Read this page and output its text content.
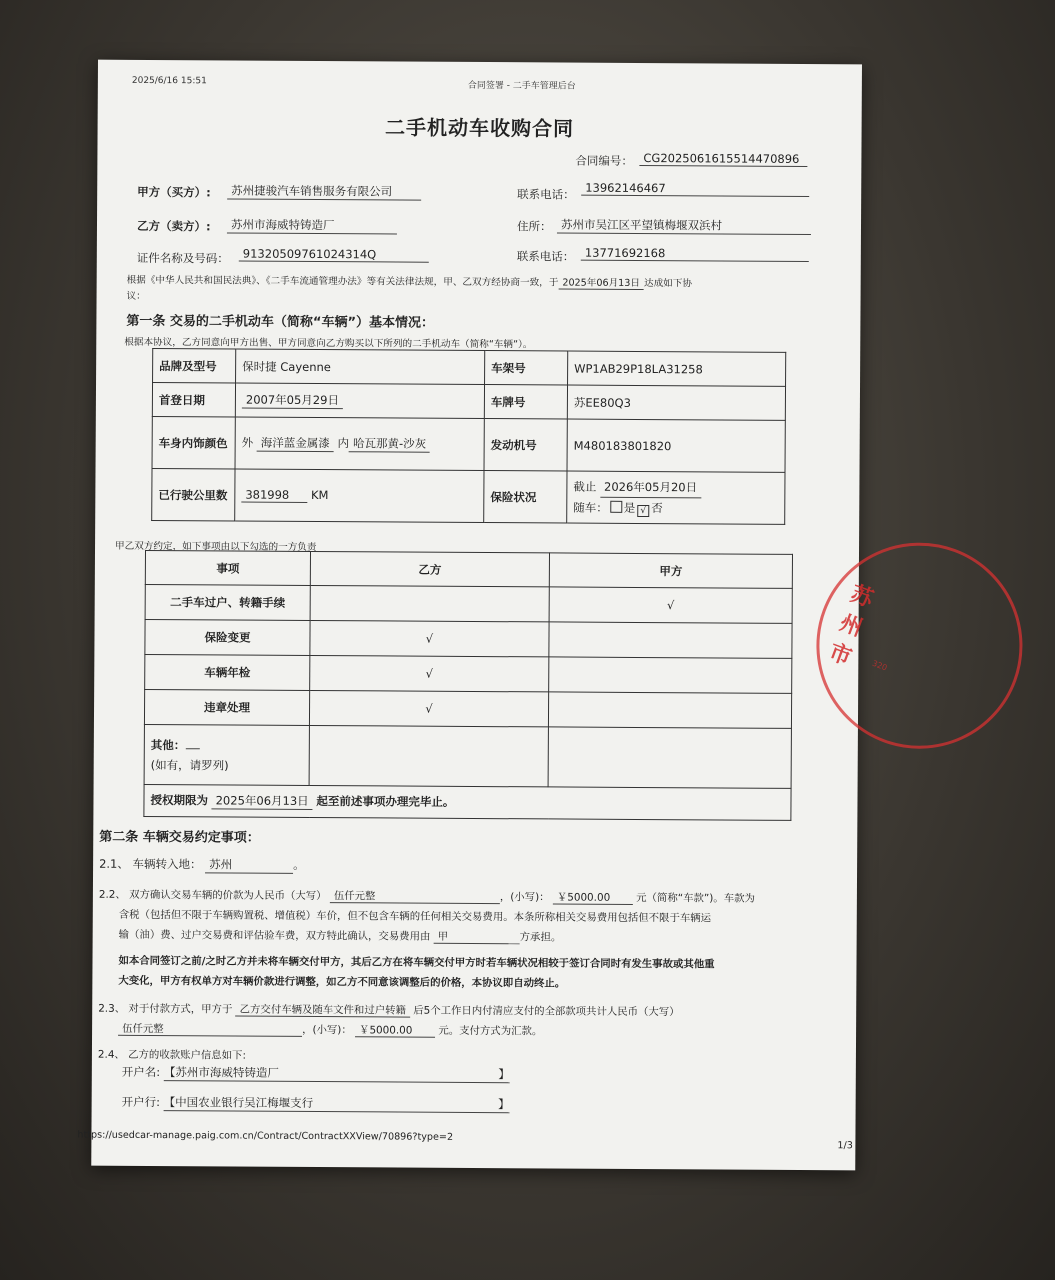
2025/6/16 15:51	合同签署 - 二手车管理后台
二手机动车收购合同
合同编号： CG2025061615514470896
甲方（买方）:	苏州捷骏汽车销售服务有限公司	联系电话： 13962146467
乙方（卖方）:	苏州市海威特铸造厂	住所： 苏州市吴江区平望镇梅堰双浜村
证件名称及号码：	91320509761024314Q	联系电话： 13771692168
根据《中华人民共和国民法典》、《二手车流通管理办法》等有关法律法规，甲、乙双方经协商一致，于 2025年06月13日 达成如下协
议：
第一条 交易的二手机动车（简称“车辆”）基本情况：
根据本协议，乙方同意向甲方出售、甲方同意向乙方购买以下所列的二手机动车（简称“车辆”）。
品牌及型号	保时捷 Cayenne	车架号	WP1AB29P18LA31258
首登日期	2007年05月29日	车牌号	苏EE80Q3
车身内饰颜色	外 海洋蓝金属漆 内 哈瓦那黄-沙灰	发动机号	M480183801820
已行驶公里数	381998 KM	保险状况	截止 2026年05月20日
随车： 是 √ 否
甲乙双方约定，如下事项由以下勾选的一方负责
事项	乙方	甲方
二手车过户、转籍手续		√
保险变更	√	
车辆年检	√	
违章处理	√	
其他：
(如有，请罗列)		
授权期限为 2025年06月13日 起至前述事项办理完毕止。		
第二条 车辆交易约定事项：
2.1、 车辆转入地： 苏州	。
2.2、 双方确认交易车辆的价款为人民币（大写） 伍仟元整	，(小写)： ￥5000.00 元（简称“车款”)。车款为
含税（包括但不限于车辆购置税、增值税）车价，但不包含车辆的任何相关交易费用。本条所称相关交易费用包括但不限于车辆运
输（油）费、过户交易费和评估验车费，双方特此确认，交易费用由 甲	方承担。
如本合同签订之前/之时乙方并未将车辆交付甲方，其后乙方在将车辆交付甲方时若车辆状况相较于签订合同时有发生事故或其他重
大变化，甲方有权单方对车辆价款进行调整，如乙方不同意该调整后的价格，本协议即自动终止。
2.3、 对于付款方式，甲方于 乙方交付车辆及随车文件和过户转籍 后5个工作日内付清应支付的全部款项共计人民币（大写）
伍仟元整	，(小写)： ￥5000.00 元。支付方式为汇款。
2.4、 乙方的收款账户信息如下:
开户名: 【苏州市海威特铸造厂	】
开户行: 【中国农业银行吴江梅堰支行	】
https://usedcar-manage.paig.com.cn/Contract/ContractXXView/70896?type=2
1/3
苏州市	320
